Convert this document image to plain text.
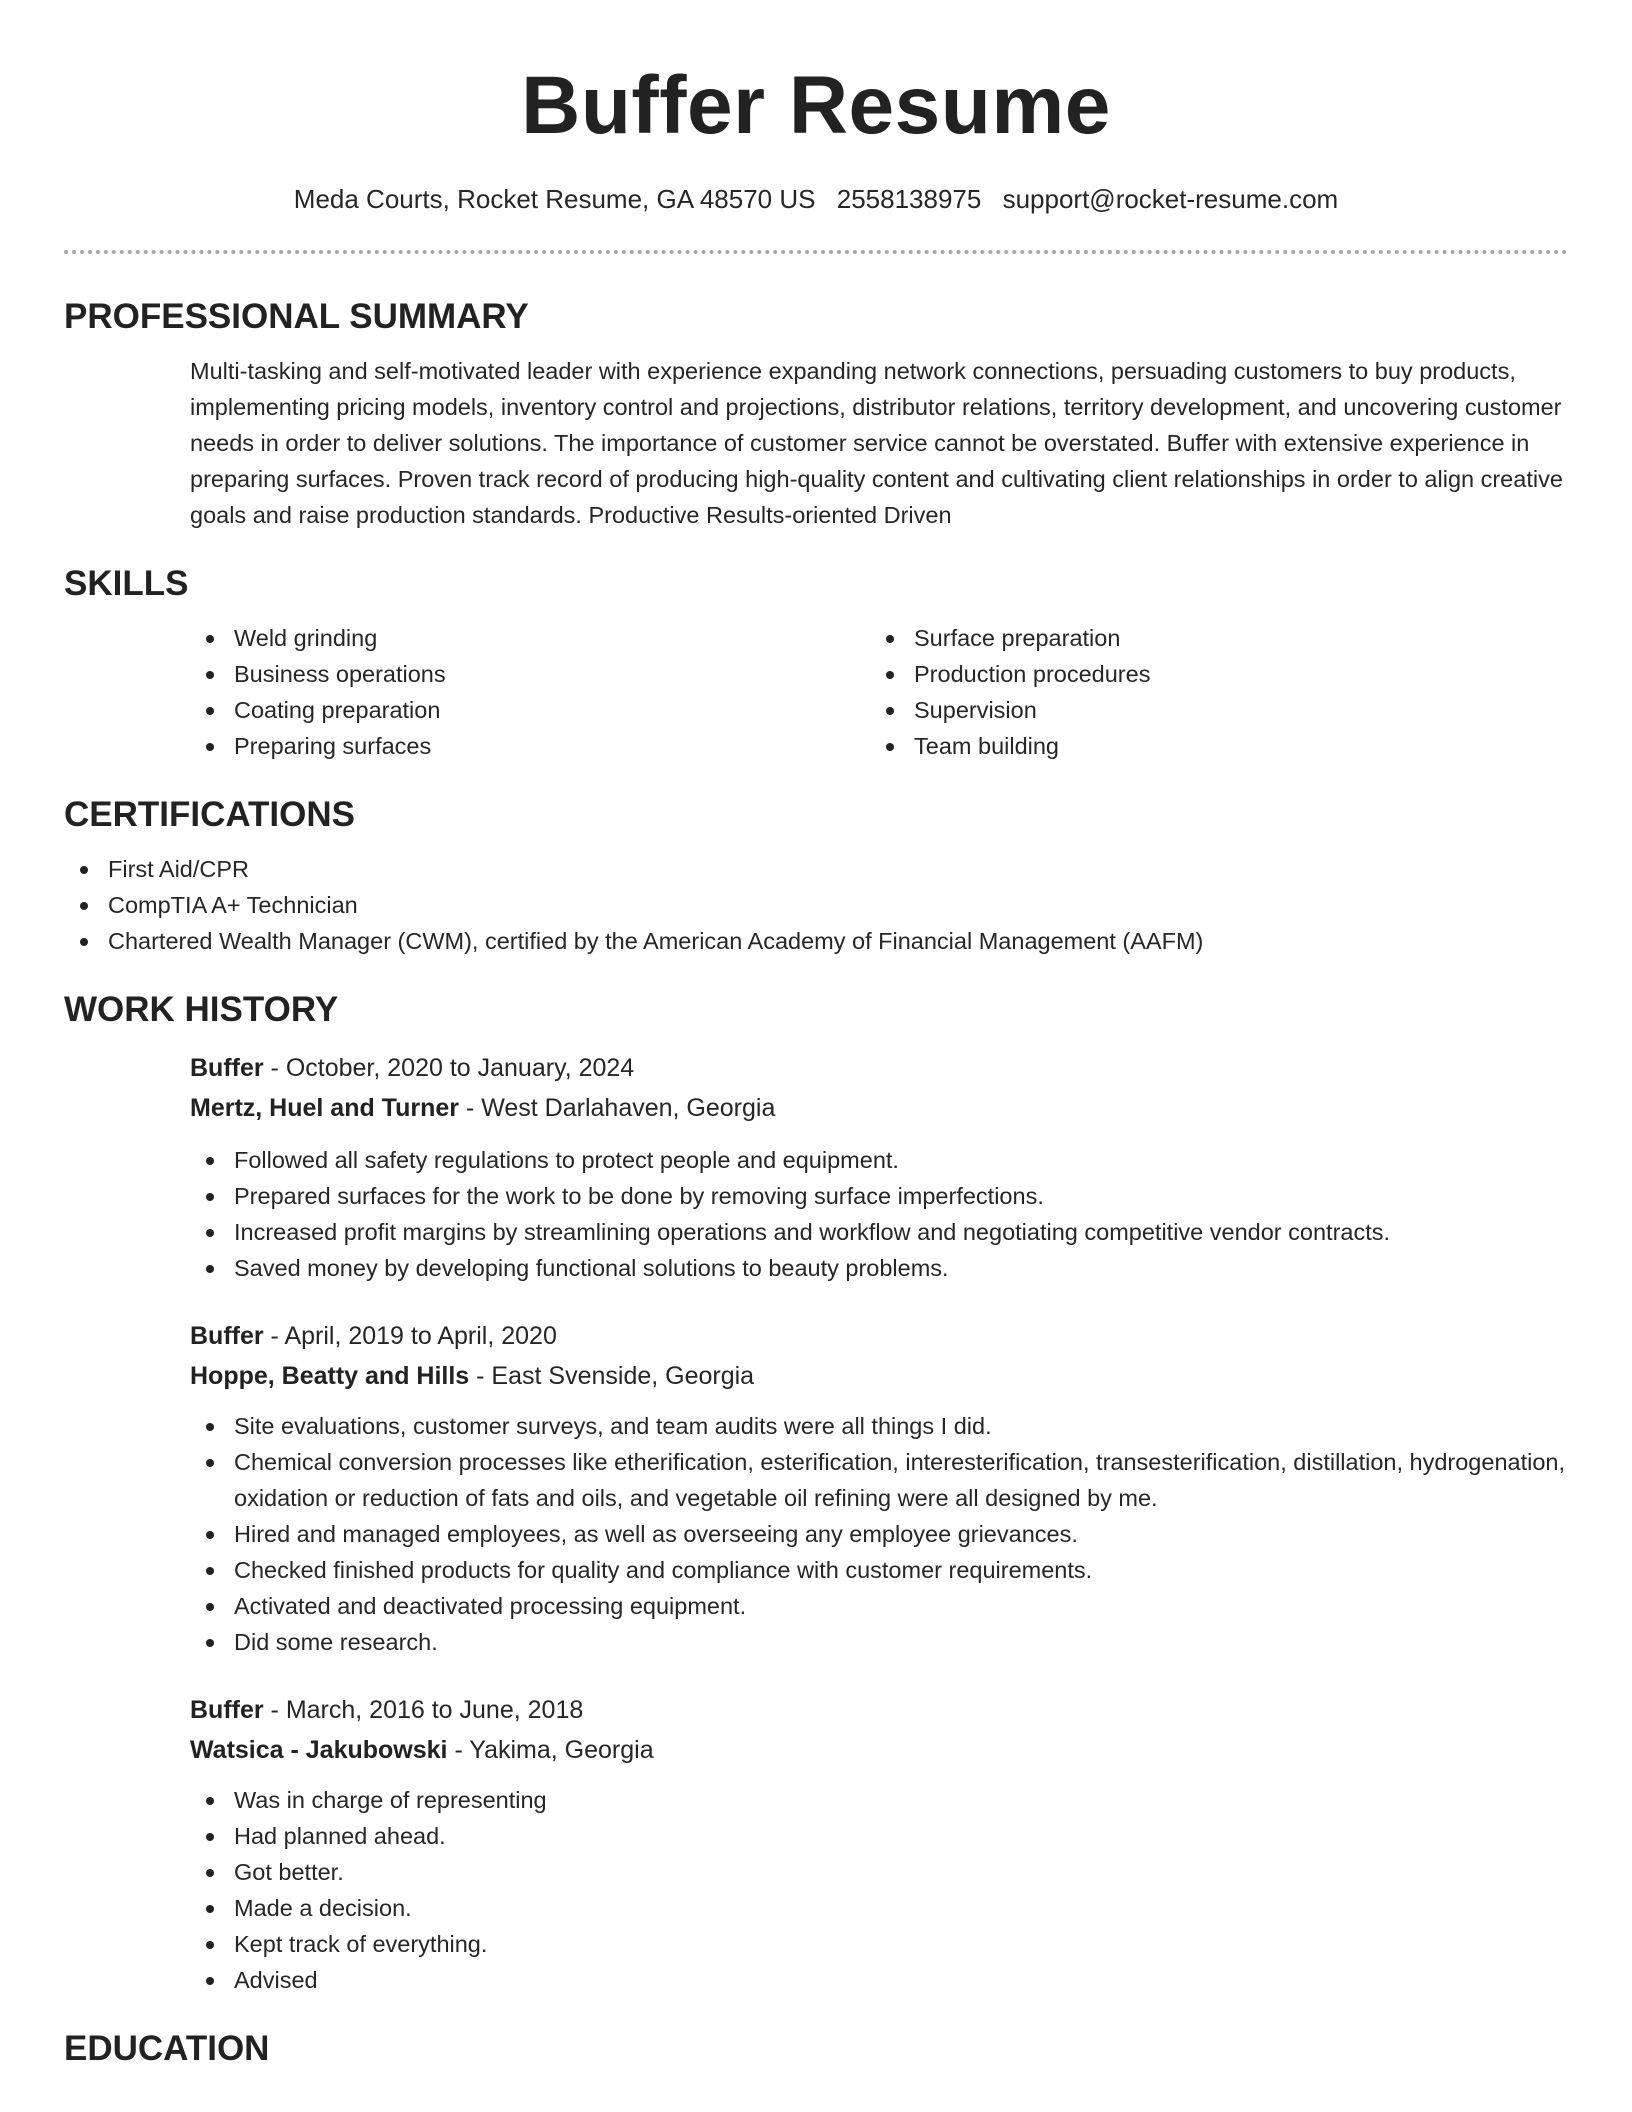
Buffer Resume
Meda Courts, Rocket Resume, GA 48570 US 2558138975 support@rocket-resume.com
PROFESSIONAL SUMMARY

Multi-tasking and self-motivated leader with experience expanding network connections, persuading customers to buy products, implementing pricing models, inventory control and projections, distributor relations, territory development, and uncovering customer needs in order to deliver solutions. The importance of customer service cannot be overstated. Buffer with extensive experience in preparing surfaces. Proven track record of producing high-quality content and cultivating client relationships in order to align creative goals and raise production standards. Productive Results-oriented Driven

SKILLS
Weld grinding
Business operations
Coating preparation
Preparing surfaces
Surface preparation
Production procedures
Supervision
Team building
CERTIFICATIONS
First Aid/CPR
CompTIA A+ Technician
Chartered Wealth Manager (CWM), certified by the American Academy of Financial Management (AAFM)
WORK HISTORY
Buffer - October, 2020 to January, 2024
Mertz, Huel and Turner - West Darlahaven, Georgia
Followed all safety regulations to protect people and equipment.
Prepared surfaces for the work to be done by removing surface imperfections.
Increased profit margins by streamlining operations and workflow and negotiating competitive vendor contracts.
Saved money by developing functional solutions to beauty problems.
Buffer - April, 2019 to April, 2020
Hoppe, Beatty and Hills - East Svenside, Georgia
Site evaluations, customer surveys, and team audits were all things I did.
Chemical conversion processes like etherification, esterification, interesterification, transesterification, distillation, hydrogenation, oxidation or reduction of fats and oils, and vegetable oil refining were all designed by me.
Hired and managed employees, as well as overseeing any employee grievances.
Checked finished products for quality and compliance with customer requirements.
Activated and deactivated processing equipment.
Did some research.
Buffer - March, 2016 to June, 2018
Watsica - Jakubowski - Yakima, Georgia
Was in charge of representing
Had planned ahead.
Got better.
Made a decision.
Kept track of everything.
Advised
EDUCATION
